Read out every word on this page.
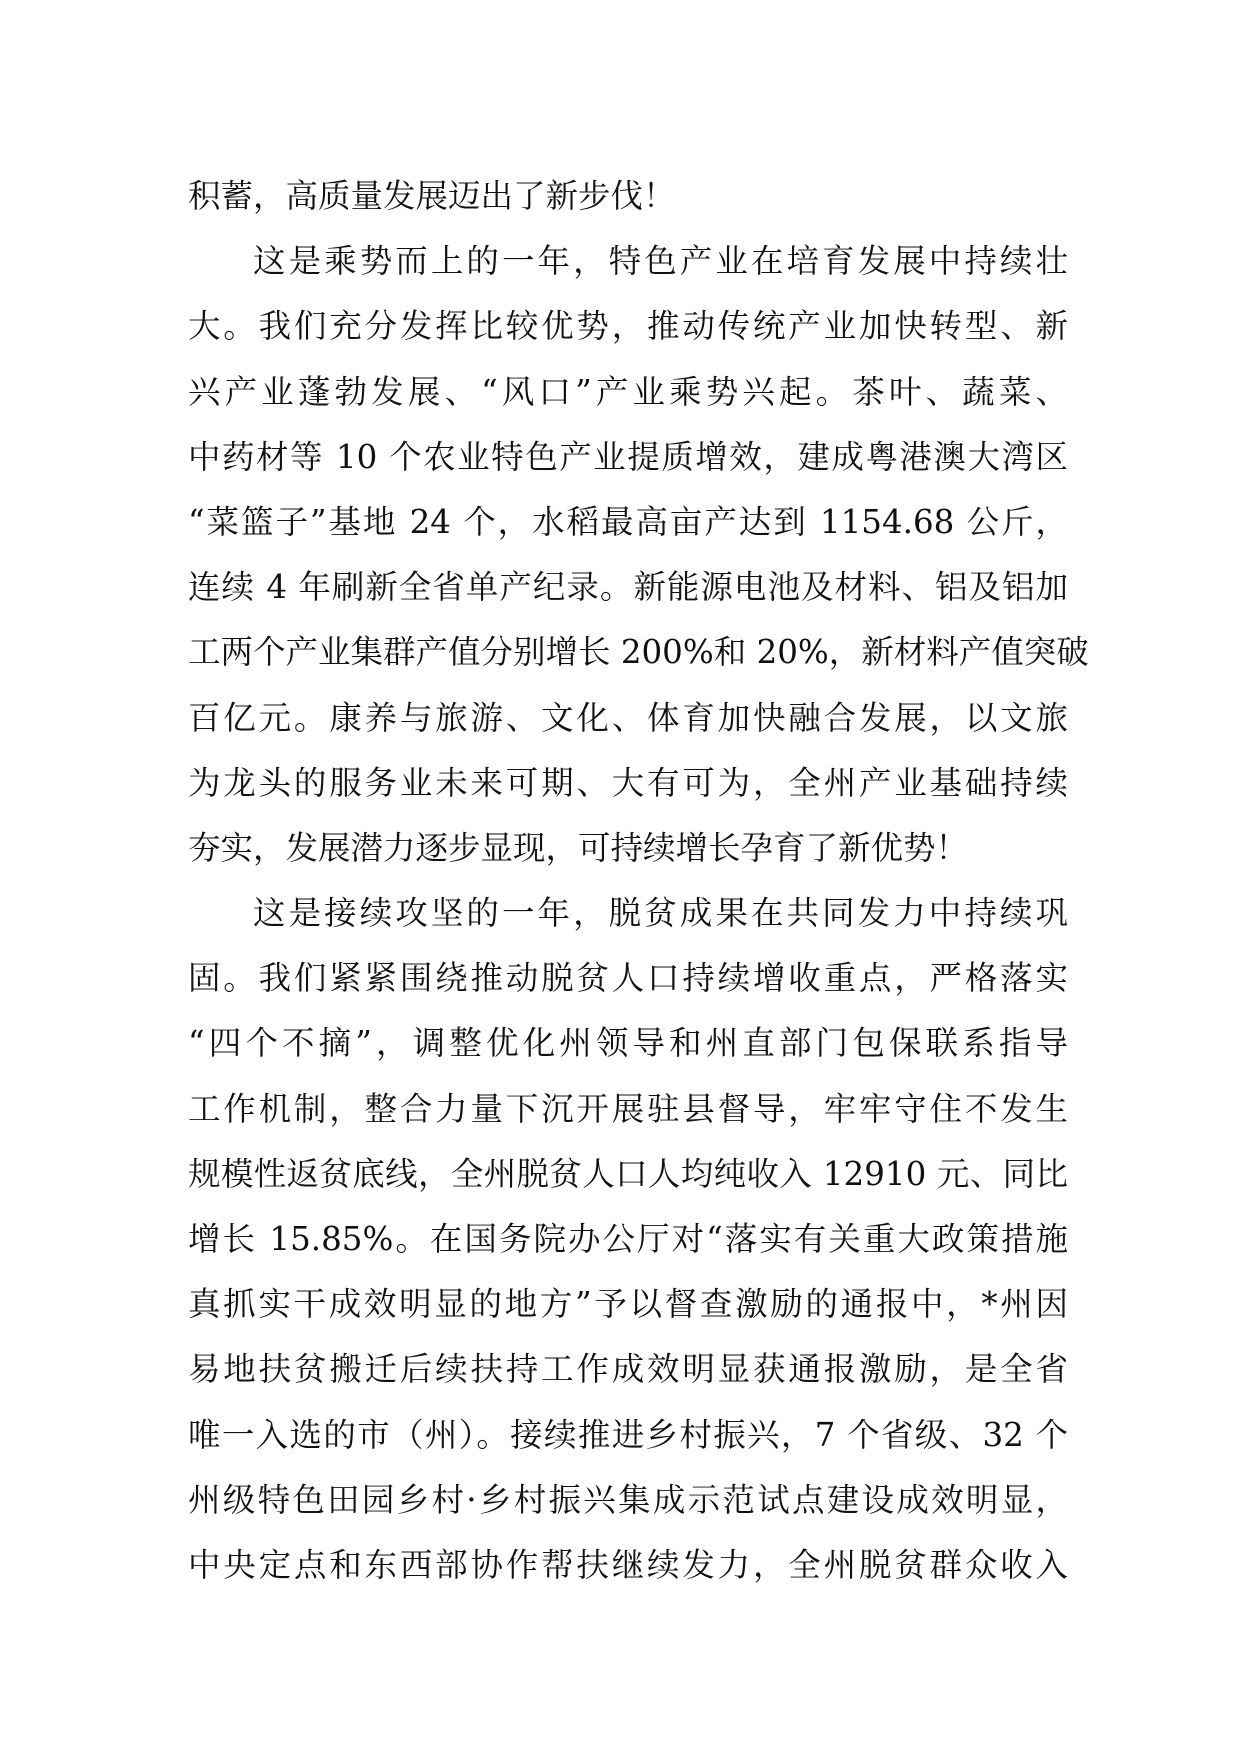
积蓄，高质量发展迈出了新步伐！
这是乘势而上的一年，特色产业在培育发展中持续壮
大。我们充分发挥比较优势，推动传统产业加快转型、新
兴产业蓬勃发展、“风口”产业乘势兴起。茶叶、蔬菜、
中药材等 10 个农业特色产业提质增效，建成粤港澳大湾区
“菜篮子”基地 24 个，水稻最高亩产达到 1154.68 公斤，
连续 4 年刷新全省单产纪录。新能源电池及材料、铝及铝加
工两个产业集群产值分别增长 200%和 20%，新材料产值突破
百亿元。康养与旅游、文化、体育加快融合发展，以文旅
为龙头的服务业未来可期、大有可为，全州产业基础持续
夯实，发展潜力逐步显现，可持续增长孕育了新优势！
这是接续攻坚的一年，脱贫成果在共同发力中持续巩
固。我们紧紧围绕推动脱贫人口持续增收重点，严格落实
“四个不摘”，调整优化州领导和州直部门包保联系指导
工作机制，整合力量下沉开展驻县督导，牢牢守住不发生
规模性返贫底线，全州脱贫人口人均纯收入 12910 元、同比
增长 15.85%。在国务院办公厅对“落实有关重大政策措施
真抓实干成效明显的地方”予以督查激励的通报中，*州因
易地扶贫搬迁后续扶持工作成效明显获通报激励，是全省
唯一入选的市（州）。接续推进乡村振兴，7 个省级、32 个
州级特色田园乡村·乡村振兴集成示范试点建设成效明显，
中央定点和东西部协作帮扶继续发力，全州脱贫群众收入
